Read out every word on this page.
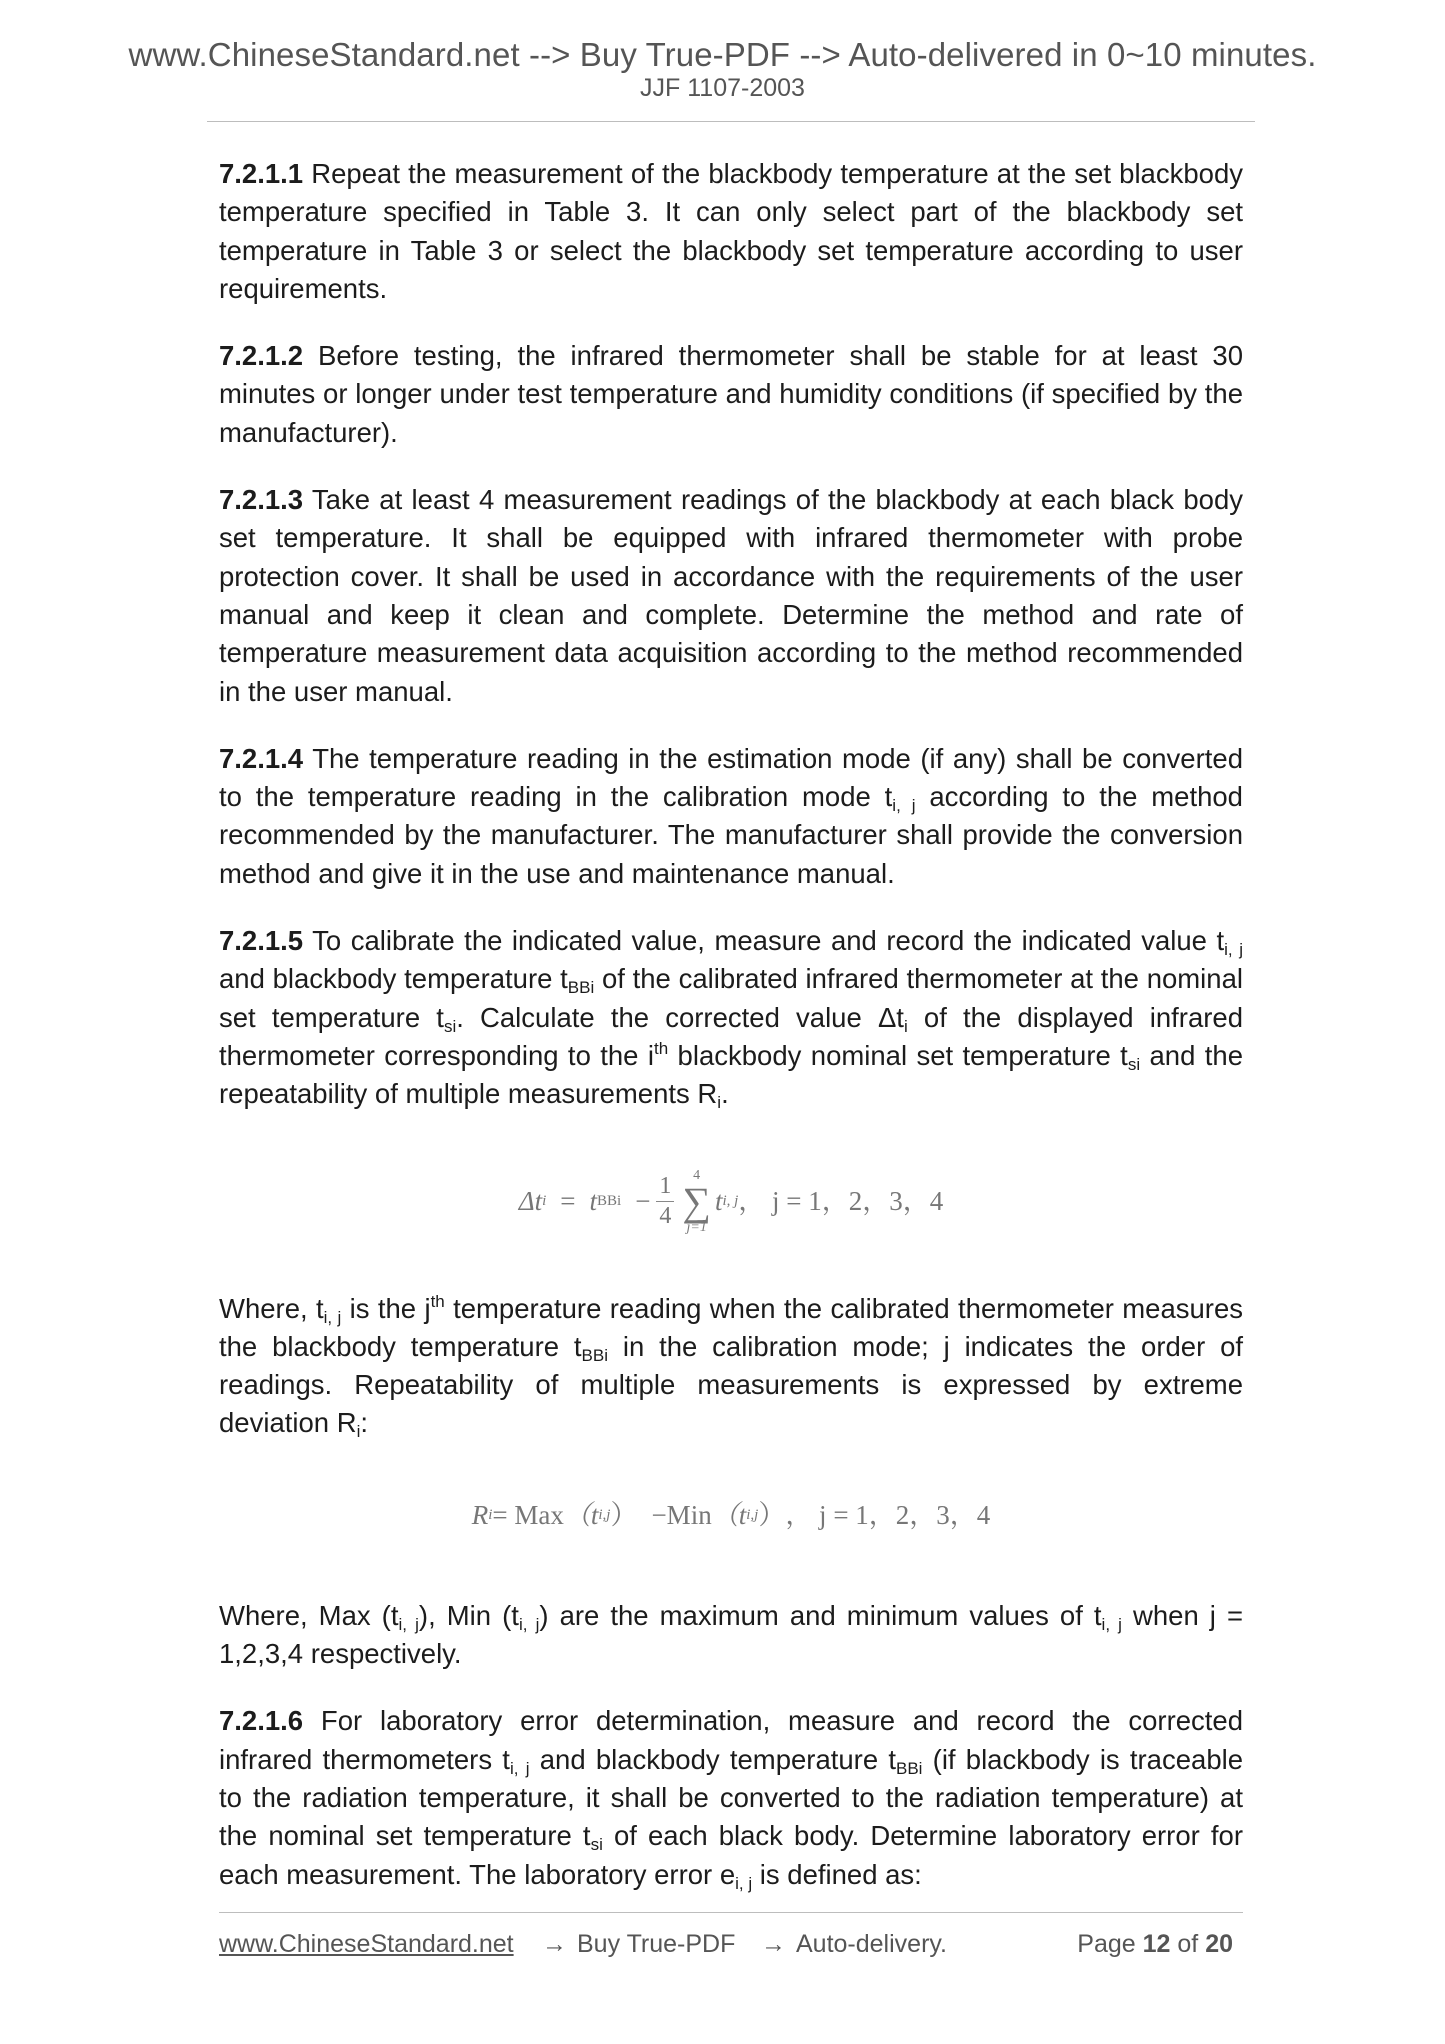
www.ChineseStandard.net --> Buy True-PDF --> Auto-delivered in 0~10 minutes.
JJF 1107-2003

7.2.1.1 Repeat the measurement of the blackbody temperature at the set blackbody temperature specified in Table 3. It can only select part of the blackbody set temperature in Table 3 or select the blackbody set temperature according to user requirements.

7.2.1.2 Before testing, the infrared thermometer shall be stable for at least 30 minutes or longer under test temperature and humidity conditions (if specified by the manufacturer).

7.2.1.3 Take at least 4 measurement readings of the blackbody at each black body set temperature. It shall be equipped with infrared thermometer with probe protection cover. It shall be used in accordance with the requirements of the user manual and keep it clean and complete. Determine the method and rate of temperature measurement data acquisition according to the method recommended in the user manual.

7.2.1.4 The temperature reading in the estimation mode (if any) shall be converted to the temperature reading in the calibration mode $t_{i, j}$ according to the method recommended by the manufacturer. The manufacturer shall provide the conversion method and give it in the use and maintenance manual.

7.2.1.5 To calibrate the indicated value, measure and record the indicated value $t_{i, j}$ and blackbody temperature $t_{BBi}$ of the calibrated infrared thermometer at the nominal set temperature $t_{si}$. Calculate the corrected value $\Delta t_i$ of the displayed infrared thermometer corresponding to the $i^{th}$ blackbody nominal set temperature $t_{si}$ and the repeatability of multiple measurements $R_i$.

Δt i = t BBi − $\frac{1}{4} 4$
∑
j=1
t i, j ， j = 1，2，3，4

Where, $t_{i, j}$ is the $j^{th}$ temperature reading when the calibrated thermometer measures the blackbody temperature $t_{BBi}$ in the calibration mode; j indicates the order of readings. Repeatability of multiple measurements is expressed by extreme deviation $R_i$:

R i = Max （t i,j ） −Min （t i,j ） ， j = 1，2，3，4

Where, Max $(t_{i, j})$, Min $(t_{i, j})$ are the maximum and minimum values of $t_{i, j}$ when j = 1,2,3,4 respectively.

7.2.1.6 For laboratory error determination, measure and record the corrected infrared thermometers $t_{i, j}$ and blackbody temperature $t_{BBi}$ (if blackbody is traceable to the radiation temperature, it shall be converted to the radiation temperature) at the nominal set temperature $t_{si}$ of each black body. Determine laboratory error for each measurement. The laboratory error $e_{i, j}$ is defined as:

www.ChineseStandard.net → Buy True-PDF → Auto-delivery.	Page 12 of 20
